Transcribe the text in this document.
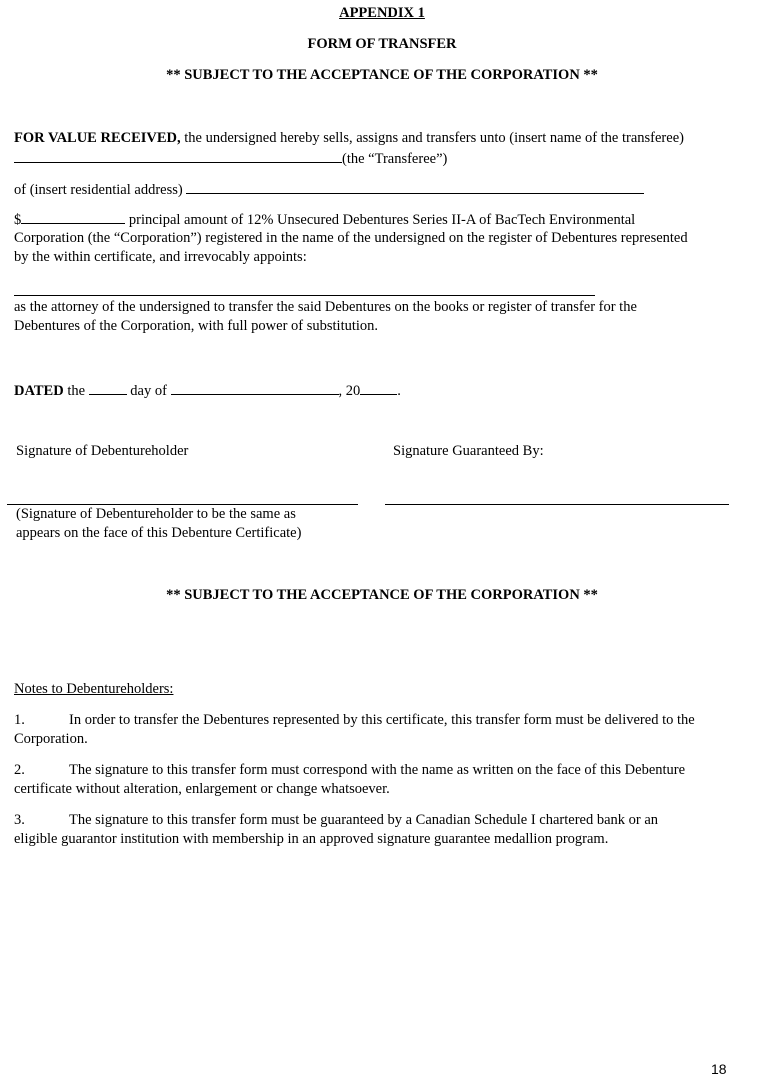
APPENDIX 1
FORM OF TRANSFER
** SUBJECT TO THE ACCEPTANCE OF THE CORPORATION **
FOR VALUE RECEIVED, the undersigned hereby sells, assigns and transfers unto (insert name of the transferee)
(the “Transferee”)
of (insert residential address)
$	principal amount of 12% Unsecured Debentures Series II-A of BacTech Environmental
Corporation (the “Corporation”) registered in the name of the undersigned on the register of Debentures represented
by the within certificate, and irrevocably appoints:
as the attorney of the undersigned to transfer the said Debentures on the books or register of transfer for the
Debentures of the Corporation, with full power of substitution.
DATED the	day of	, 20	.
Signature of Debentureholder	Signature Guaranteed By:
(Signature of Debentureholder to be the same as
appears on the face of this Debenture Certificate)
** SUBJECT TO THE ACCEPTANCE OF THE CORPORATION **
Notes to Debentureholders:
1.	In order to transfer the Debentures represented by this certificate, this transfer form must be delivered to the
Corporation.
2.	The signature to this transfer form must correspond with the name as written on the face of this Debenture
certificate without alteration, enlargement or change whatsoever.
3.	The signature to this transfer form must be guaranteed by a Canadian Schedule I chartered bank or an
eligible guarantor institution with membership in an approved signature guarantee medallion program.
18
